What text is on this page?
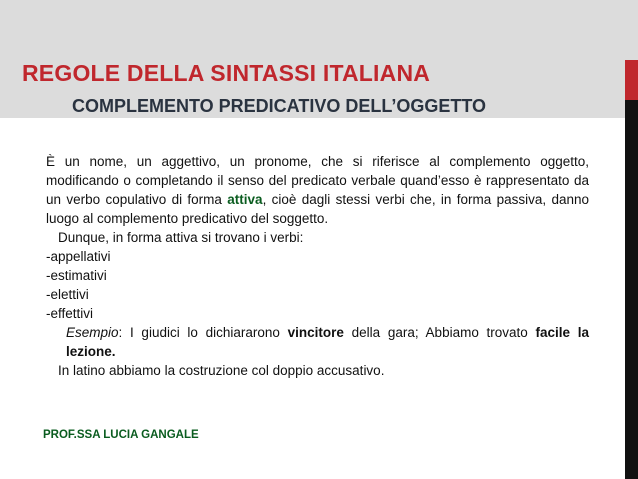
REGOLE DELLA SINTASSI ITALIANA
COMPLEMENTO PREDICATIVO DELL’OGGETTO

È un nome, un aggettivo, un pronome, che si riferisce al complemento oggetto, modificando o completando il senso del predicato verbale quand’esso è rappresentato da un verbo copulativo di forma attiva, cioè dagli stessi verbi che, in forma passiva, danno luogo al complemento predicativo del soggetto.

Dunque, in forma attiva si trovano i verbi:

-appellativi

-estimativi

-elettivi

-effettivi

Esempio: I giudici lo dichiararono vincitore della gara; Abbiamo trovato facile la lezione.

In latino abbiamo la costruzione col doppio accusativo.

PROF.SSA LUCIA GANGALE
